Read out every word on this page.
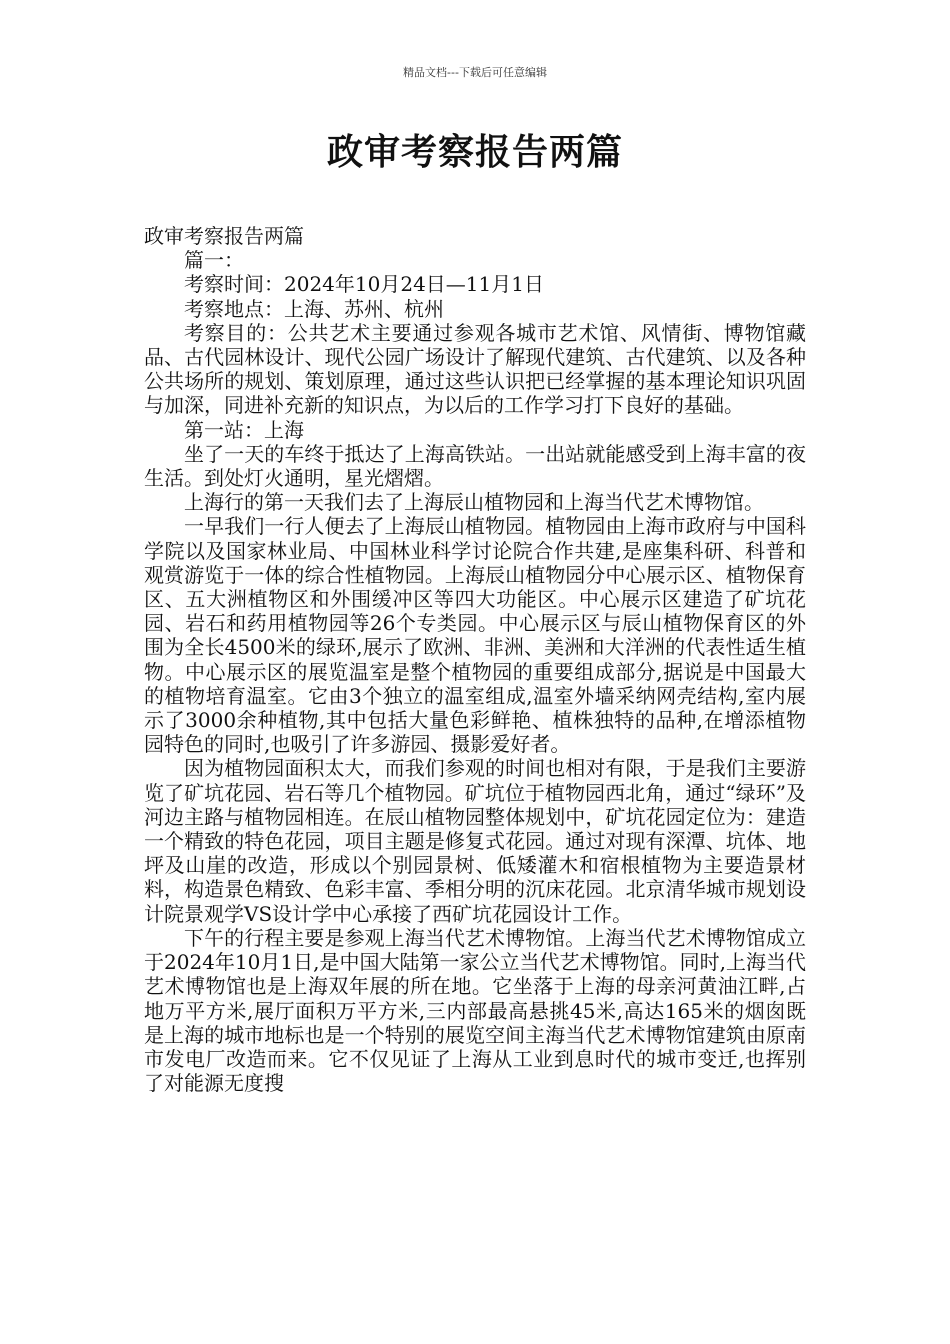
精品文档---下载后可任意编辑
政审考察报告两篇

政审考察报告两篇

篇一：

考察时间：2024年10月24日—11月1日

考察地点：上海、苏州、杭州

考察目的：公共艺术主要通过参观各城市艺术馆、风情街、博物馆藏品、古代园林设计、现代公园广场设计了解现代建筑、古代建筑、以及各种公共场所的规划、策划原理，通过这些认识把已经掌握的基本理论知识巩固与加深，同进补充新的知识点，为以后的工作学习打下良好的基础。

第一站：上海

坐了一天的车终于抵达了上海高铁站。一出站就能感受到上海丰富的夜生活。到处灯火通明，星光熠熠。

上海行的第一天我们去了上海辰山植物园和上海当代艺术博物馆。

一早我们一行人便去了上海辰山植物园。植物园由上海市政府与中国科学院以及国家林业局、中国林业科学讨论院合作共建,是座集科研、科普和观赏游览于一体的综合性植物园。上海辰山植物园分中心展示区、植物保育区、五大洲植物区和外围缓冲区等四大功能区。中心展示区建造了矿坑花园、岩石和药用植物园等26个专类园。中心展示区与辰山植物保育区的外围为全长4500米的绿环,展示了欧洲、非洲、美洲和大洋洲的代表性适生植物。中心展示区的展览温室是整个植物园的重要组成部分,据说是中国最大的植物培育温室。它由3个独立的温室组成,温室外墙采纳网壳结构,室内展示了3000余种植物,其中包括大量色彩鲜艳、植株独特的品种,在增添植物园特色的同时,也吸引了许多游园、摄影爱好者。

因为植物园面积太大，而我们参观的时间也相对有限，于是我们主要游览了矿坑花园、岩石等几个植物园。矿坑位于植物园西北角，通过“绿环”及河边主路与植物园相连。在辰山植物园整体规划中，矿坑花园定位为：建造一个精致的特色花园，项目主题是修复式花园。通过对现有深潭、坑体、地坪及山崖的改造，形成以个别园景树、低矮灌木和宿根植物为主要造景材料，构造景色精致、色彩丰富、季相分明的沉床花园。北京清华城市规划设计院景观学VS设计学中心承接了西矿坑花园设计工作。

下午的行程主要是参观上海当代艺术博物馆。上海当代艺术博物馆成立于2024年10月1日,是中国大陆第一家公立当代艺术博物馆。同时,上海当代艺术博物馆也是上海双年展的所在地。它坐落于上海的母亲河黄油江畔,占地万平方米,展厅面积万平方米,三内部最高悬挑45米,高达165米的烟囱既是上海的城市地标也是一个特别的展览空间主海当代艺术博物馆建筑由原南市发电厂改造而来。它不仅见证了上海从工业到息时代的城市变迁,也挥别了对能源无度搜
